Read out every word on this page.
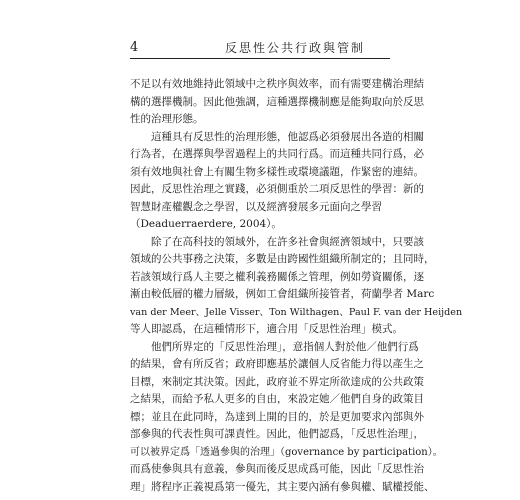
4	反思性公共行政與管制
不足以有效地維持此領域中之秩序與效率，而有需要建構治理結
構的選擇機制。因此他強調，這種選擇機制應是能夠取向於反思
性的治理形態。
這種具有反思性的治理形態，他認爲必須發展出各造的相關
行為者，在選擇與學習過程上的共同行爲。而這種共同行爲，必
須有效地與社會上有關生物多樣性或環境議題，作緊密的連結。
因此，反思性治理之實踐，必須側重於二項反思性的學習：新的
智慧財產權觀念之學習，以及經濟發展多元面向之學習
（Deaduerraerdere, 2004）。
除了在高科技的領域外，在許多社會與經濟領域中，只要該
領域的公共事務之決策，多數是由跨國性組織所制定的；且同時，
若該領域行爲人主要之權利義務關係之管理，例如勞資關係，逐
漸由較低層的權力層級，例如工會組織所接管者，荷蘭學者 Marc
van der Meer、Jelle Visser、Ton Wilthagen、Paul F. van der Heijden
等人即認爲，在這種情形下，適合用「反思性治理」模式。
他們所界定的「反思性治理」，意指個人對於他／他們行爲
的結果，會有所反省；政府即應基於讓個人反省能力得以產生之
目標，來制定其決策。因此，政府並不界定所欲達成的公共政策
之結果，而給予私人更多的自由，來設定她／他們自身的政策目
標；並且在此同時，為達到上開的目的，於是更加要求內部與外
部參與的代表性與可課責性。因此，他們認爲，「反思性治理」，
可以被界定爲「透過參與的治理」（governance by participation）。
而爲使參與具有意義，參與而後反思成爲可能，因此「反思性治
理」將程序正義視爲第一優先，其主要內涵有參與權、賦權授能、
